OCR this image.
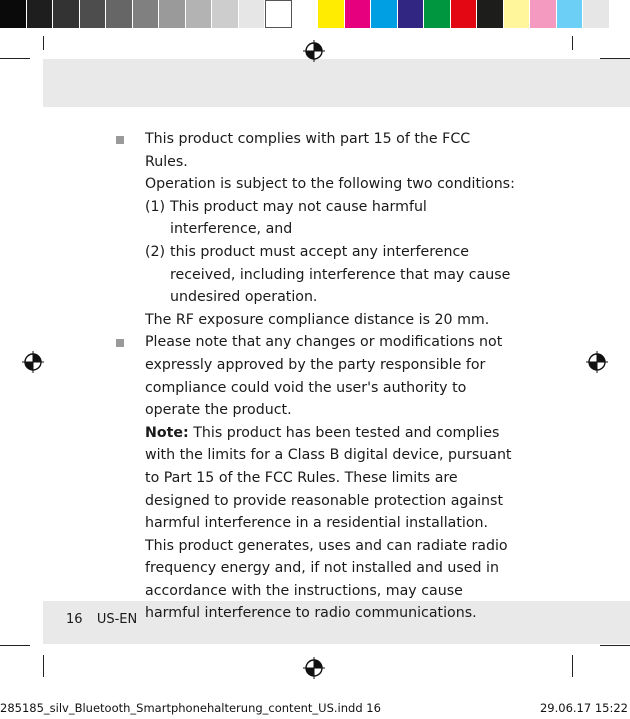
This product complies with part 15 of the FCC Rules.

Operation is subject to the following two conditions:

(1) This product may not cause harmful interference, and
(2) this product must accept any interference received, including interference that may cause undesired operation.

The RF exposure compliance distance is 20 mm.

Please note that any changes or modifications not expressly approved by the party responsible for compliance could void the user's authority to operate the product.

Note: This product has been tested and complies with the limits for a Class B digital device, pursuant to Part 15 of the FCC Rules. These limits are designed to provide reasonable protection against harmful interference in a residential installation. This product generates, uses and can radiate radio frequency energy and, if not installed and used in accordance with the instructions, may cause harmful interference to radio communications.

16 US-EN
285185_silv_Bluetooth_Smartphonehalterung_content_US.indd 16	29.06.17 15:22
